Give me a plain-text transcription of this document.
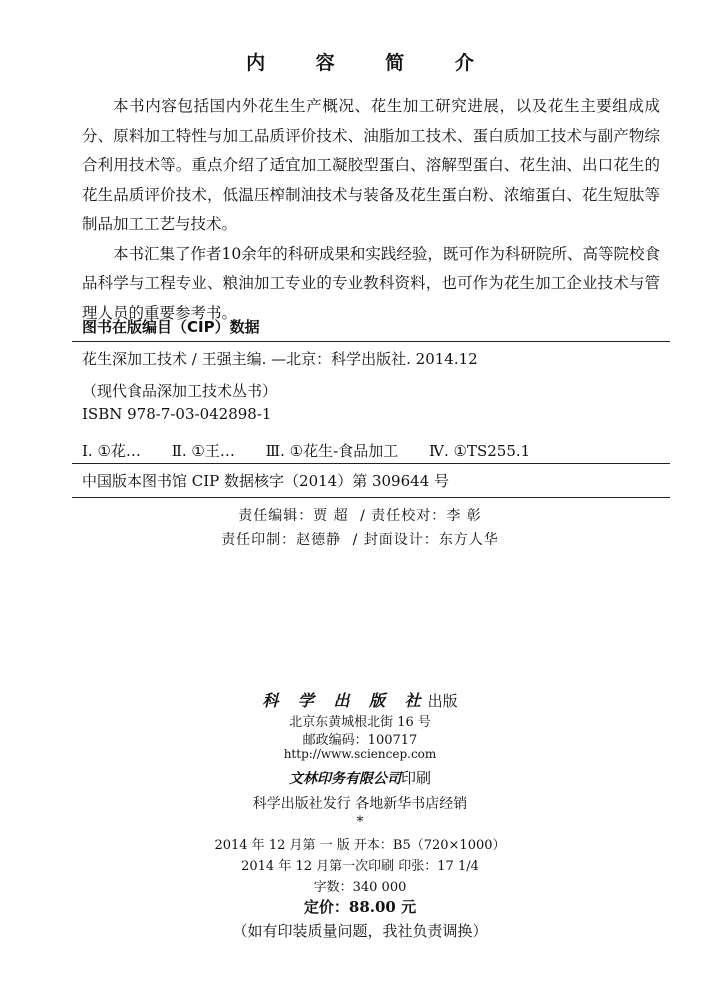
内 容 简 介

本书内容包括国内外花生生产概况、花生加工研究进展，以及花生主要组成成分、原料加工特性与加工品质评价技术、油脂加工技术、蛋白质加工技术与副产物综合利用技术等。重点介绍了适宜加工凝胶型蛋白、溶解型蛋白、花生油、出口花生的花生品质评价技术，低温压榨制油技术与装备及花生蛋白粉、浓缩蛋白、花生短肽等制品加工工艺与技术。

本书汇集了作者10余年的科研成果和实践经验，既可作为科研院所、高等院校食品科学与工程专业、粮油加工专业的专业教科资料，也可作为花生加工企业技术与管理人员的重要参考书。

图书在版编目（CIP）数据
花生深加工技术 / 王强主编. —北京：科学出版社. 2014.12
（现代食品深加工技术丛书）
ISBN 978-7-03-042898-1
Ⅰ. ①花… Ⅱ. ①王… Ⅲ. ①花生-食品加工 Ⅳ. ①TS255.1
中国版本图书馆 CIP 数据核字（2014）第 309644 号
责任编辑：贾 超 / 责任校对：李 彰
责任印制：赵德静 / 封面设计：东方人华
科 学 出 版 社出版
北京东黄城根北街 16 号
邮政编码：100717
http://www.sciencep.com
文林印务有限公司印刷
科学出版社发行 各地新华书店经销
*
2014 年 12 月第 一 版 开本：B5（720×1000）
2014 年 12 月第一次印刷 印张：17 1/4
字数：340 000
定价：88.00 元
（如有印装质量问题，我社负责调换）
